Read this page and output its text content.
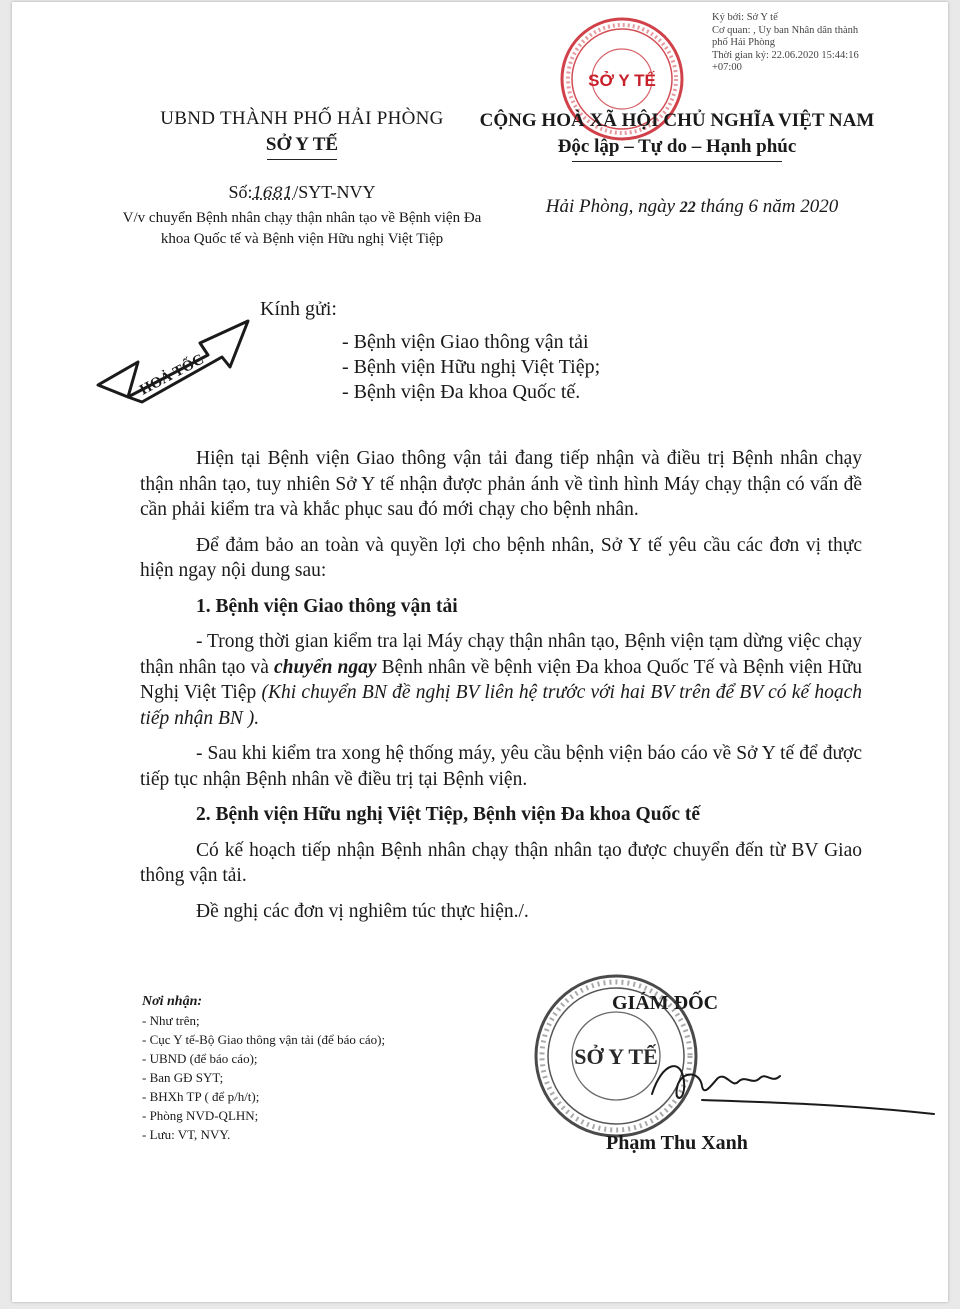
Ký bởi: Sở Y tế
Cơ quan: , Ủy ban Nhân dân thành
phố Hải Phòng
Thời gian ký: 22.06.2020 15:44:16
+07:00
SỞ Y TẾ
UBND THÀNH PHỐ HẢI PHÒNG
SỞ Y TẾ
CỘNG HOÀ XÃ HỘI CHỦ NGHĨA VIỆT NAM
Độc lập – Tự do – Hạnh phúc
Số:1681/SYT-NVY
V/v chuyển Bệnh nhân chạy thận nhân tạo về Bệnh viện Đa khoa Quốc tế và Bệnh viện Hữu nghị Việt Tiệp
Hải Phòng, ngày 22 tháng 6 năm 2020
HOẢ TỐC
Kính gửi:
- Bệnh viện Giao thông vận tải
- Bệnh viện Hữu nghị Việt Tiệp;
- Bệnh viện Đa khoa Quốc tế.

Hiện tại Bệnh viện Giao thông vận tải đang tiếp nhận và điều trị Bệnh nhân chạy thận nhân tạo, tuy nhiên Sở Y tế nhận được phản ánh về tình hình Máy chạy thận có vấn đề cần phải kiểm tra và khắc phục sau đó mới chạy cho bệnh nhân.

Để đảm bảo an toàn và quyền lợi cho bệnh nhân, Sở Y tế yêu cầu các đơn vị thực hiện ngay nội dung sau:

1. Bệnh viện Giao thông vận tải

- Trong thời gian kiểm tra lại Máy chạy thận nhân tạo, Bệnh viện tạm dừng việc chạy thận nhân tạo và chuyển ngay Bệnh nhân về bệnh viện Đa khoa Quốc Tế và Bệnh viện Hữu Nghị Việt Tiệp (Khi chuyển BN đề nghị BV liên hệ trước với hai BV trên để BV có kế hoạch tiếp nhận BN ).

- Sau khi kiểm tra xong hệ thống máy, yêu cầu bệnh viện báo cáo về Sở Y tế để được tiếp tục nhận Bệnh nhân về điều trị tại Bệnh viện.

2. Bệnh viện Hữu nghị Việt Tiệp, Bệnh viện Đa khoa Quốc tế

Có kế hoạch tiếp nhận Bệnh nhân chạy thận nhân tạo được chuyển đến từ BV Giao thông vận tải.

Đề nghị các đơn vị nghiêm túc thực hiện./.

Nơi nhận:
- Như trên;
- Cục Y tế-Bộ Giao thông vận tải (để báo cáo);
- UBND (để báo cáo);
- Ban GĐ SYT;
- BHXh TP ( để p/h/t);
- Phòng NVD-QLHN;
- Lưu: VT, NVY.
GIÁM ĐỐC
SỞ Y TẾ
Phạm Thu Xanh
